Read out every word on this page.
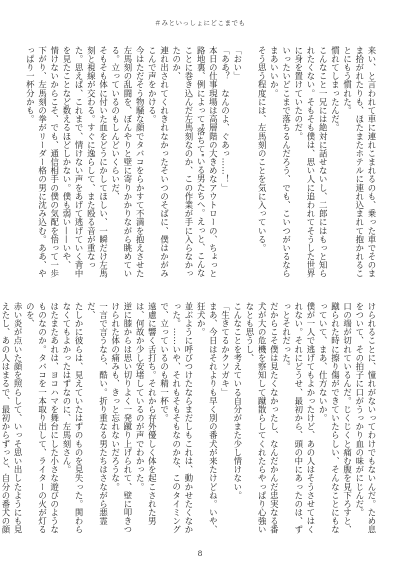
＃みといっしょにどこまでも
来い、と言われて車に連れこまれるのも、乗った車でそのまま拾がれたりも、ほたまたホテルに連れ込まれて抱かれることにもう慣れた。
慣れてしまったんだ。
こんなこと一兄には絶対に話せないし、二郎にはもっと知られたくない。そもそも僕は、思い人に追われてそうした世界に身を置けていたのだ。
いったいどこまで落ちるんだろう、でも、こいつがいるならまあいいか。
そう思う程度には、左馬刻のことを気に入っている。

「おい」
「ああ？　なんのよ、ぐあっ……！」
本日の仕事現場は高層階の大きめなアウトローの、ちょっと路地裏、例によって"落ちて"いる男たちへ。えっと、こんなことに巻き込んだ左馬刻なのか、この作業が手に入らなかったのか、
連れ出されてくれきれなかったそいつのそばに、僕はかがみこんで声をかける。
今はただそう物騒な顔でタバコをらかすて不満を抱えさせた左馬刻の乱闘を、ぼんやりと壁に寄りかかりながら眺めている。立っているのもしんどいくらいだ、
そもそも体に付いた血をどうにかしてほしい、一瞬だけ左馬刻と視線が交わる。すぐに逸らして、また殴る音が重なった。思えば、これまで、情けない声をあげて逃げていく背中を見たことなど数えるほどしかない。僕も弱い——いや、
情けないからこそ、でも、通信相手の僕の気配を悟って一歩下がり、左馬刻の拳がリーダー格の男に沈み込む。ああ、やっぱり一杯分かも。
けられることに、憧れがないってわけでもないんだ。ため息をついて、その拍子に口がうっかり血の味がにじんだ。
口の端が切れているんだ。じくじくと痛む腹を見下ろすと、蹴られた時に擦り傷ができていたらしい、そんなことにもなっていて、まあ、仕方ないか。
僕が一人で逃げてもよかったけど、あの人はそうさせてはくれない。それにどうせ、最初から、頭の中にあったのは、ずっとそれだった。
だからこそ僕は見たくなかったし、なんだかんだ忠実なる番犬が大の危機を察知して蹴散らしてくれたらやっぱり心強いなとも思うし、
こんなことを考えている自分がまた少し情けない。
「生きてるかクソガキ」
まあ、今日はそれよりも早く別の番犬が来たけどね。いや、狂犬か。
並ぶように呼びつけたならまだしもこれは、動かせたくなかった。……いや、それもそもそもなのかな、このタイミングで、立っているのも精一杯で。
遠慮に響く舌打ち。それから存外優しく体を起こされた男は、何故か少し安堵しているのが声でわかった。
逆に膝からは思い切りよく一発蹴り上げられて、壁に叩きつけられた体の痛みも、きっと忘れないだろうな。
一言で言うなら、酷い。折り重なる男たちはさながら悪霊だ、
たしかに彼らは、見えていたはずのものを見失った。関わらなくてもよかったはずなのに、左馬刻さん。
はたまたあれは、ヨコハマを舞台にした小さな遊びのようなものなのか。タバコを一本取り出して、ライターの火が灯るのを、
赤い炎が点いた顔を照らして、いっそ思い出したようにも見えたし、あの人はまるで、最初からずっと、自分の番犬の顔

8
